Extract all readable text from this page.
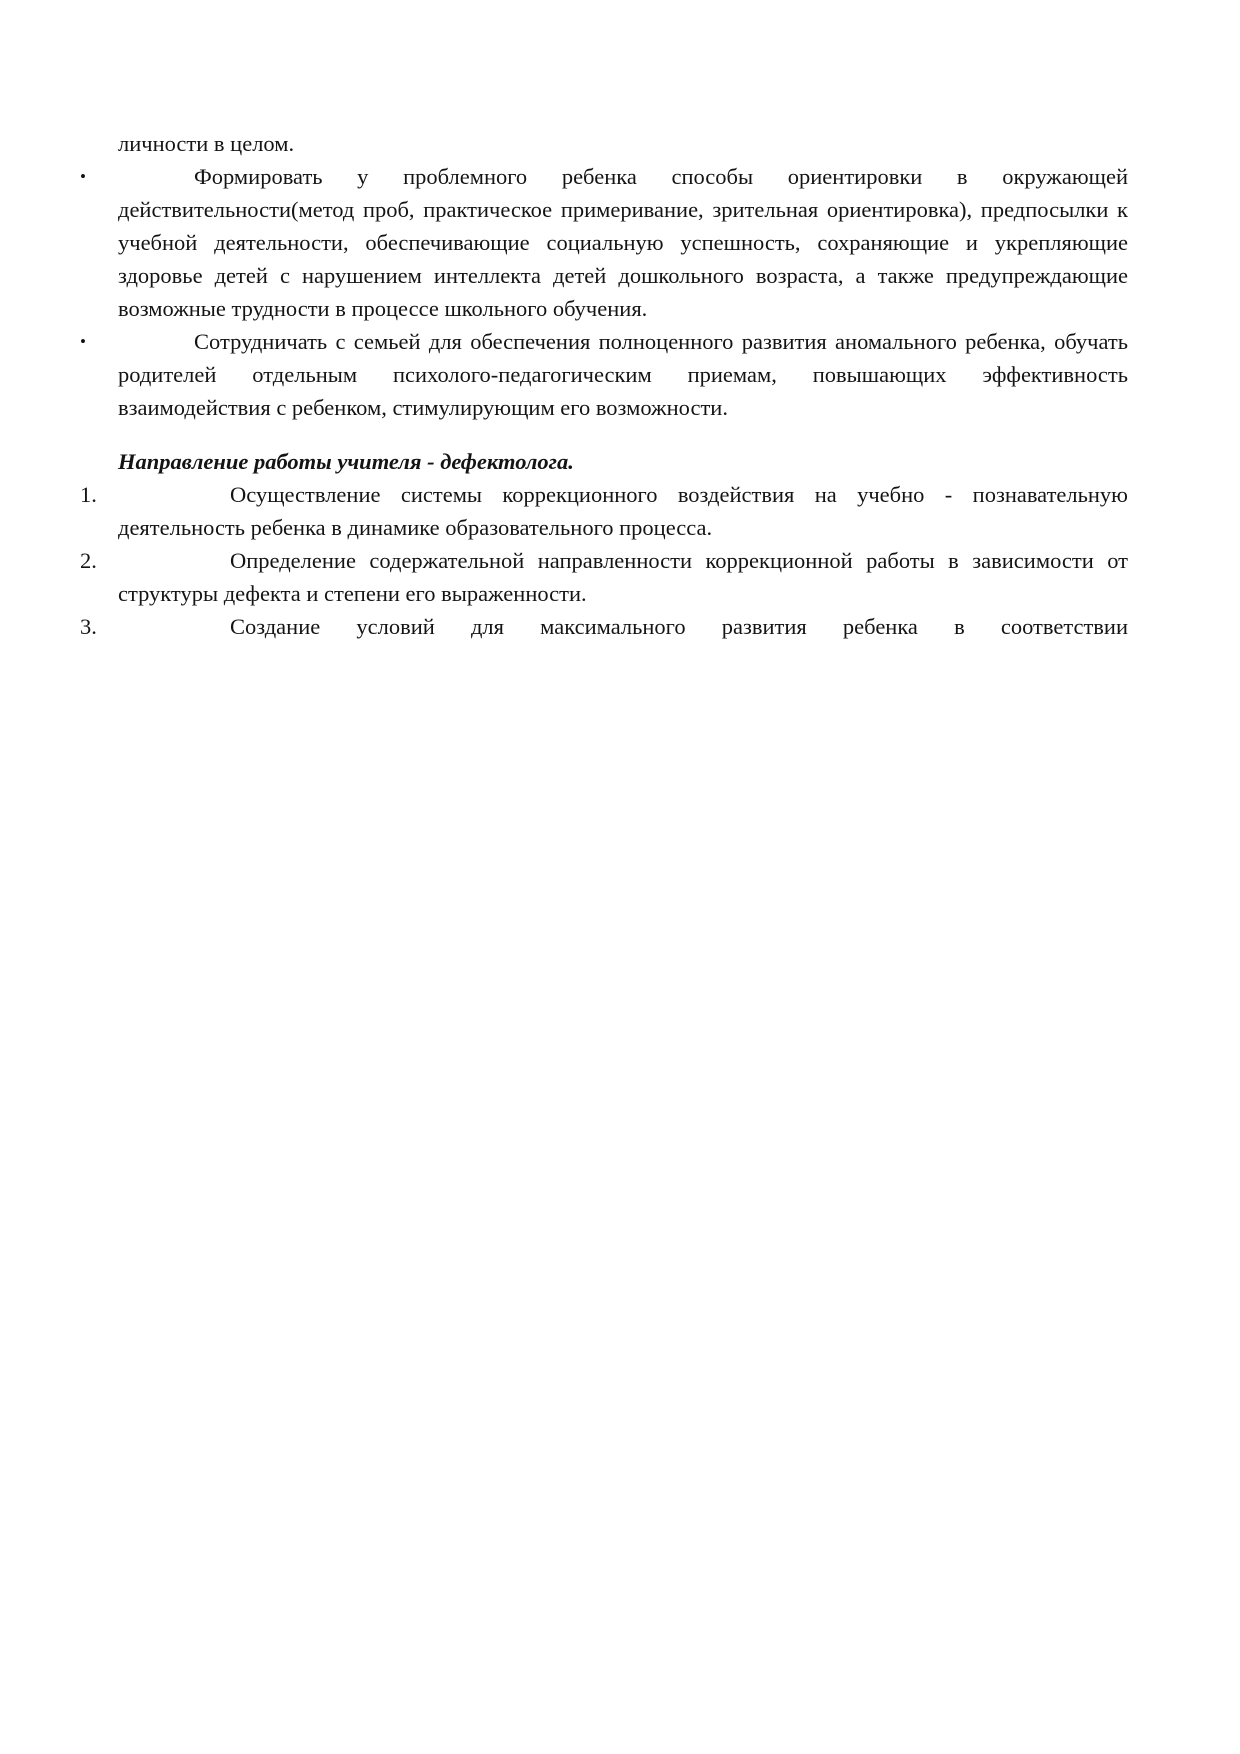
личности в целом.

•	Формировать у проблемного ребенка способы ориентировки в окружающей действительности(метод проб, практическое примеривание, зрительная ориентировка), предпосылки к учебной деятельности, обеспечивающие социальную успешность, сохраняющие и укрепляющие здоровье детей с нарушением интеллекта детей дошкольного возраста, а также предупреждающие возможные трудности в процессе школьного обучения.
•	Сотрудничать с семьей для обеспечения полноценного развития аномального ребенка, обучать родителей отдельным психолого-педагогическим приемам, повышающих эффективность взаимодействия с ребенком, стимулирующим его возможности.

Направление работы учителя - дефектолога.

1.	Осуществление системы коррекционного воздействия на учебно - познавательную деятельность ребенка в динамике образовательного процесса.
2.	Определение содержательной направленности коррекционной работы в зависимости от структуры дефекта и степени его выраженности.
3.	Создание условий для максимального развития ребенка в соответствии
